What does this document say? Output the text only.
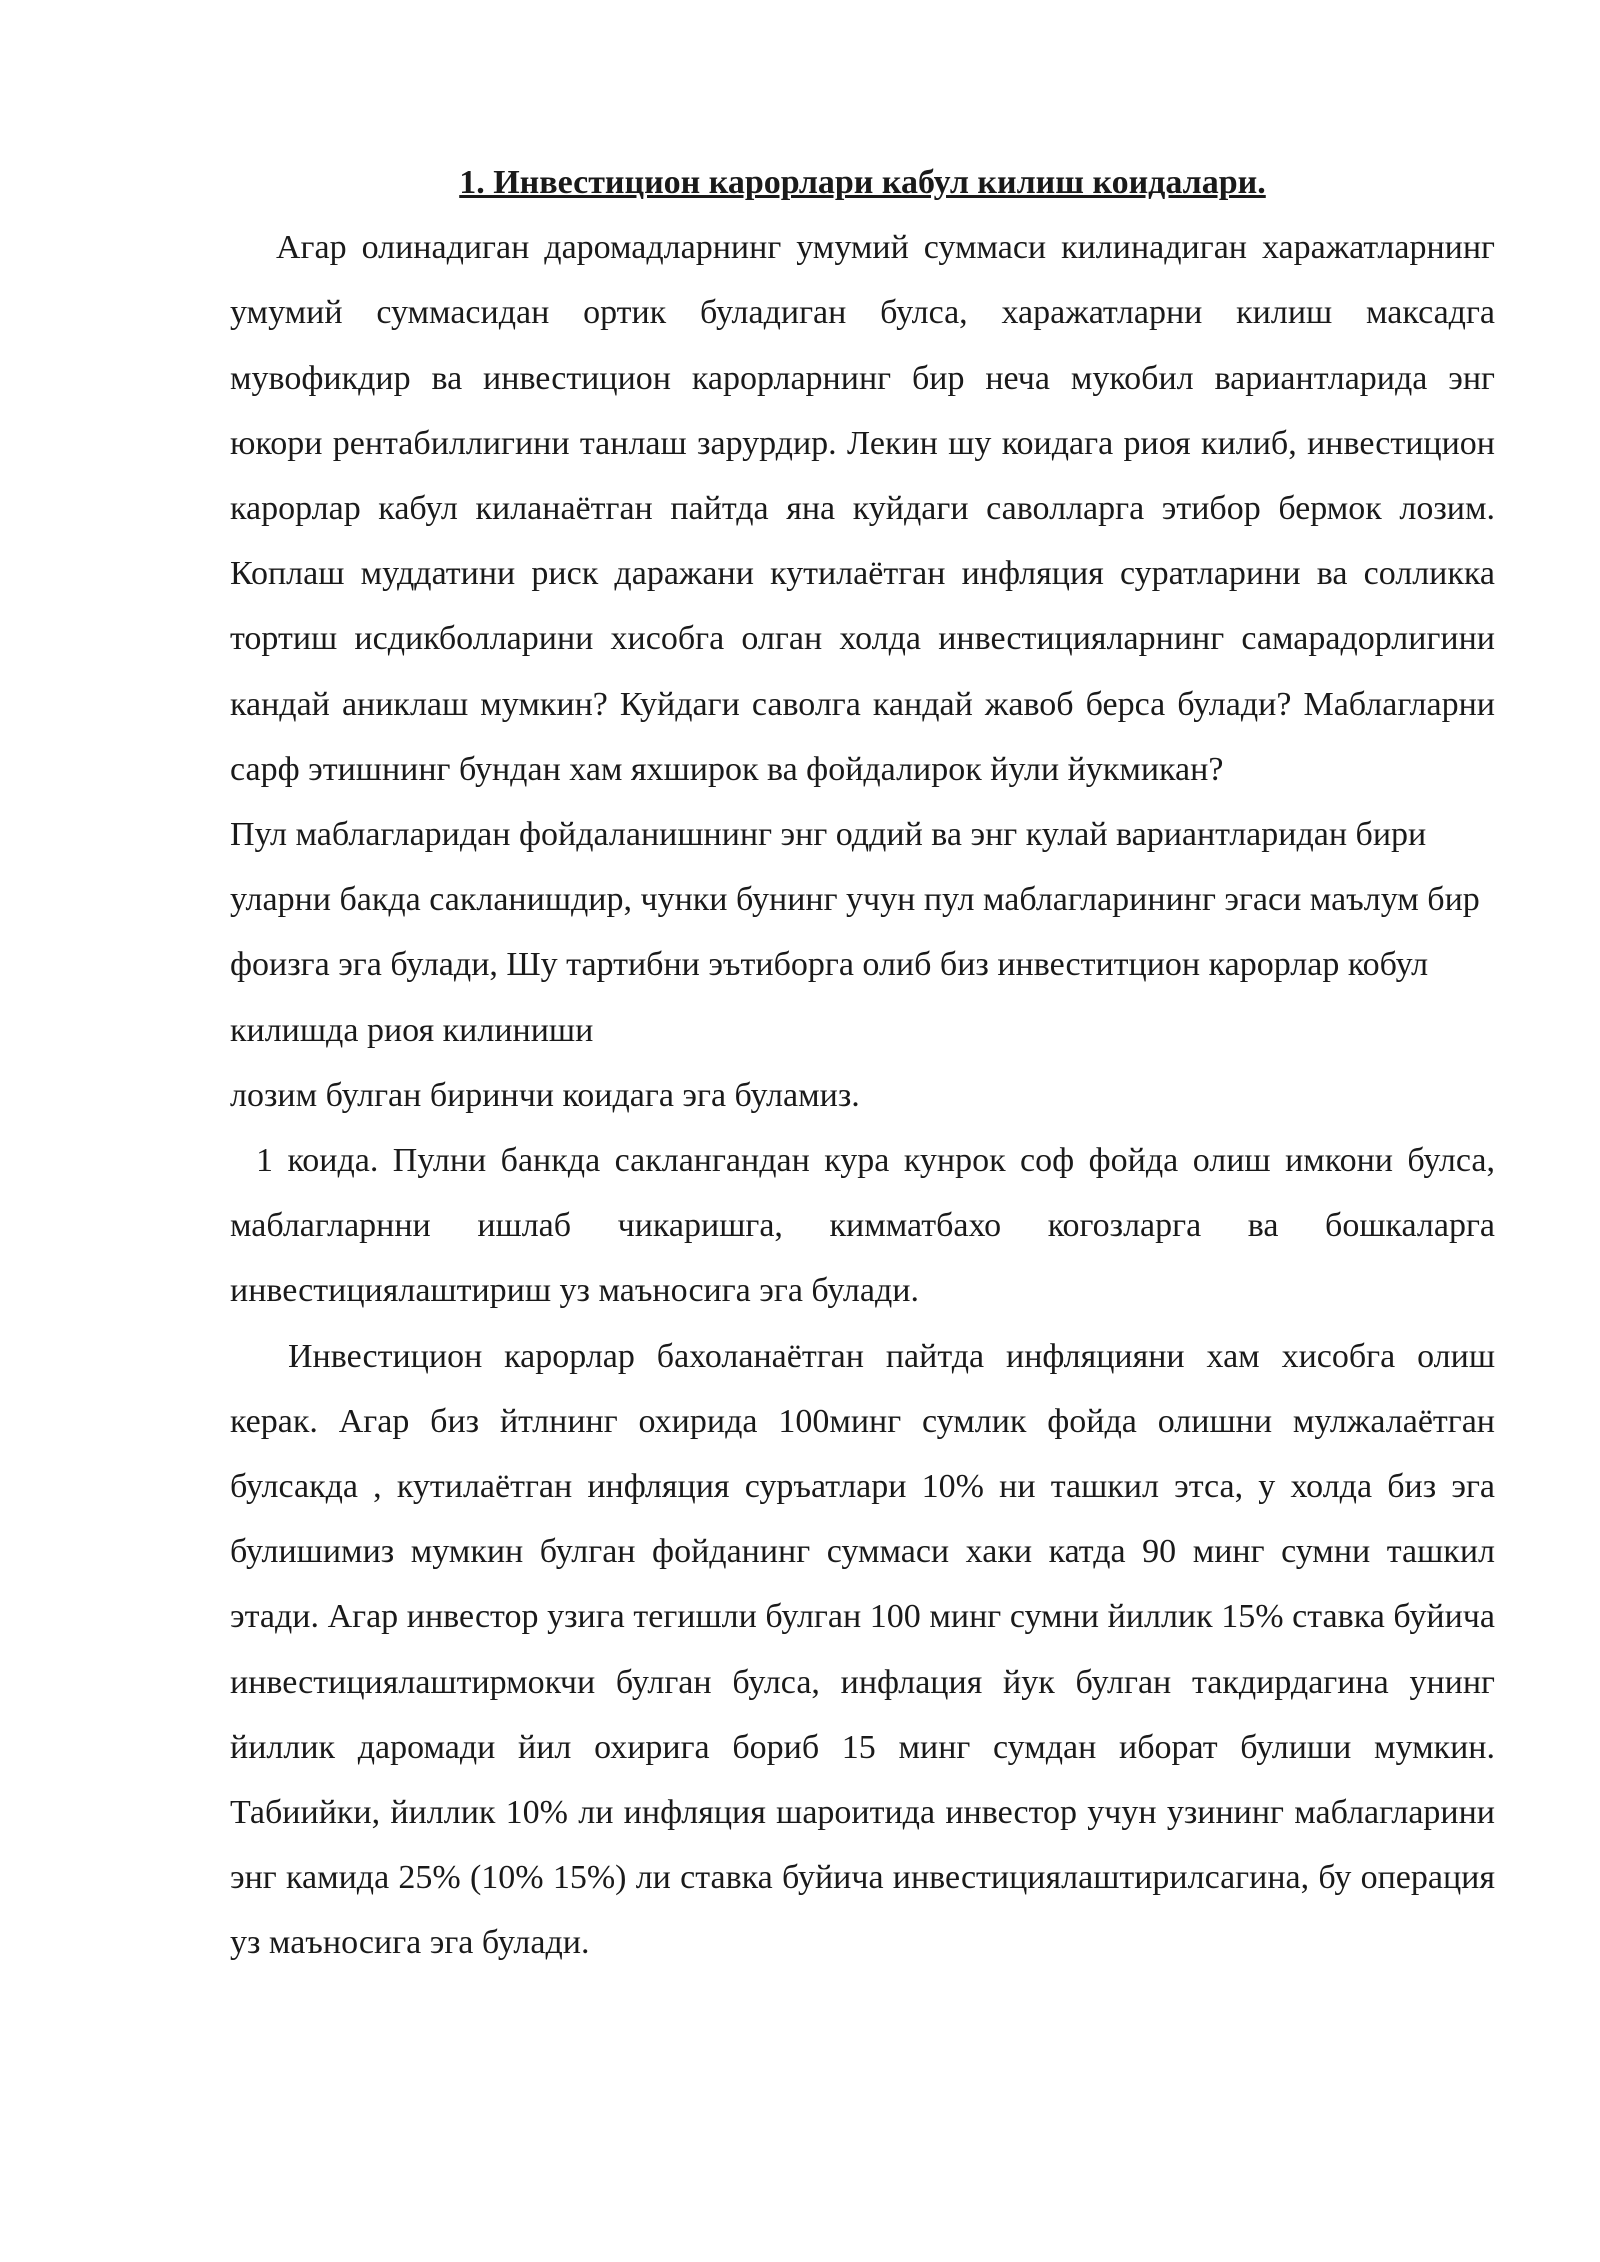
1. Инвестицион карорлари кабул килиш коидалари.

Агар олинадиган даромадларнинг умумий суммаси килинадиган харажатларнинг умумий суммасидан ортик буладиган булса, харажатларни килиш максадга мувофикдир ва инвестицион карорларнинг бир неча мукобил вариантларида энг юкори рентабиллигини танлаш зарурдир. Лекин шу коидага риоя килиб, инвестицион карорлар кабул киланаётган пайтда яна куйдаги саволларга этибор бермок лозим. Коплаш муддатини риск даражани кутилаётган инфляция суратларини ва солликка тортиш исдикболларини хисобга олган холда инвестицияларнинг самарадорлигини кандай аниклаш мумкин? Куйдаги саволга кандай жавоб берса булади? Маблагларни сарф этишнинг бундан хам яхширок ва фойдалирок йули йукмикан?

Пул маблагларидан фойдаланишнинг энг оддий ва энг кулай вариантларидан бири уларни бакда сакланишдир, чунки бунинг учун пул маблагларининг эгаси маълум бир фоизга эга булади, Шу тартибни эътиборга олиб биз инвеститцион карорлар кобул килишда риоя килиниши

лозим булган биринчи коидага эга буламиз.

1 коида. Пулни банкда саклангандан кура кунрок соф фойда олиш имкони булса, маблагларнни ишлаб чикаришга, кимматбахо когозларга ва бошкаларга инвестициялаштириш уз маъносига эга булади.

Инвестицион карорлар бахоланаётган пайтда инфляцияни хам хисобга олиш керак. Агар биз йтлнинг охирида 100минг сумлик фойда олишни мулжалаётган булсакда , кутилаётган инфляция суръатлари 10% ни ташкил этса, у холда биз эга булишимиз мумкин булган фойданинг суммаси хаки катда 90 минг сумни ташкил этади. Агар инвестор узига тегишли булган 100 минг сумни йиллик 15% ставка буйича инвестициялаштирмокчи булган булса, инфлация йук булган такдирдагина унинг йиллик даромади йил охирига бориб 15 минг сумдан иборат булиши мумкин. Табиийки, йиллик 10% ли инфляция шароитида инвестор учун узининг маблагларини энг камида 25% (10% 15%) ли ставка буйича инвестициялаштирилсагина, бу операция уз маъносига эга булади.
